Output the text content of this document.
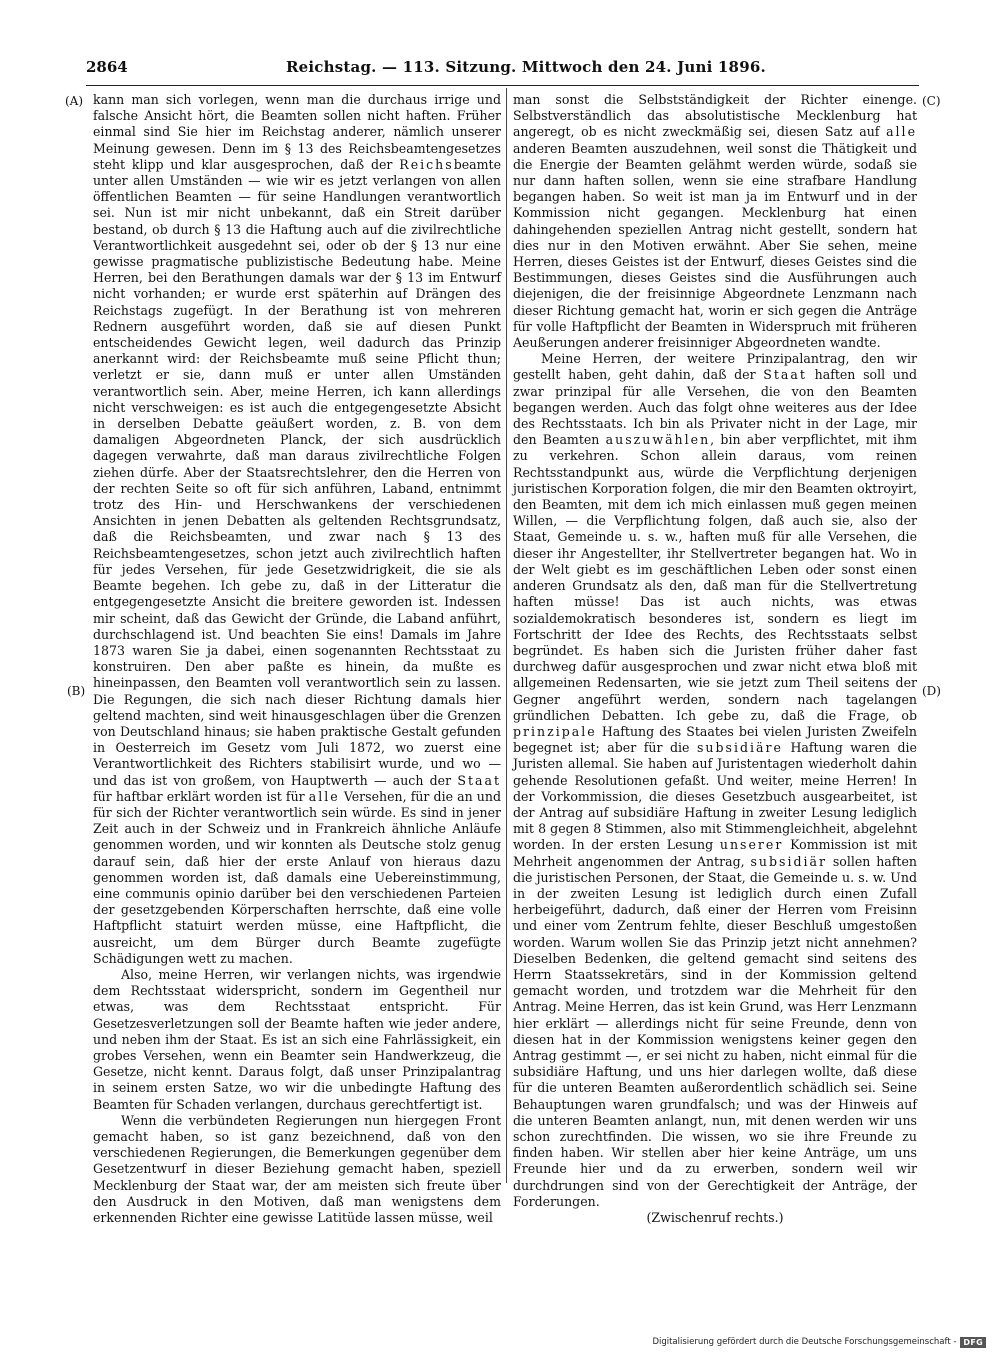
2864	Reichstag. — 113. Sitzung. Mittwoch den 24. Juni 1896.
(A)
(B)
(C)
(D)

kann man sich vorlegen, wenn man die durchaus irrige und falsche Ansicht hört, die Beamten sollen nicht haften. Früher einmal sind Sie hier im Reichstag anderer, nämlich unserer Meinung gewesen. Denn im § 13 des Reichsbeamtengesetzes steht klipp und klar ausgesprochen, daß der Reichsbeamte unter allen Umständen — wie wir es jetzt verlangen von allen öffentlichen Beamten — für seine Handlungen verantwortlich sei. Nun ist mir nicht unbekannt, daß ein Streit darüber bestand, ob durch § 13 die Haftung auch auf die zivilrechtliche Verantwortlichkeit ausgedehnt sei, oder ob der § 13 nur eine gewisse pragmatische publizistische Bedeutung habe. Meine Herren, bei den Berathungen damals war der § 13 im Entwurf nicht vorhanden; er wurde erst späterhin auf Drängen des Reichstags zugefügt. In der Berathung ist von mehreren Rednern ausgeführt worden, daß sie auf diesen Punkt entscheidendes Gewicht legen, weil dadurch das Prinzip anerkannt wird: der Reichsbeamte muß seine Pflicht thun; verletzt er sie, dann muß er unter allen Umständen verantwortlich sein. Aber, meine Herren, ich kann allerdings nicht verschweigen: es ist auch die entgegengesetzte Absicht in derselben Debatte geäußert worden, z. B. von dem damaligen Abgeordneten Planck, der sich ausdrücklich dagegen verwahrte, daß man daraus zivilrechtliche Folgen ziehen dürfe. Aber der Staatsrechtslehrer, den die Herren von der rechten Seite so oft für sich anführen, Laband, entnimmt trotz des Hin- und Herschwankens der verschiedenen Ansichten in jenen Debatten als geltenden Rechtsgrundsatz, daß die Reichsbeamten, und zwar nach § 13 des Reichsbeamtengesetzes, schon jetzt auch zivilrechtlich haften für jedes Versehen, für jede Gesetzwidrigkeit, die sie als Beamte begehen. Ich gebe zu, daß in der Litteratur die entgegengesetzte Ansicht die breitere geworden ist. Indessen mir scheint, daß das Gewicht der Gründe, die Laband anführt, durchschlagend ist. Und beachten Sie eins! Damals im Jahre 1873 waren Sie ja dabei, einen sogenannten Rechtsstaat zu konstruiren. Den aber paßte es hinein, da mußte es hineinpassen, den Beamten voll verantwortlich sein zu lassen. Die Regungen, die sich nach dieser Richtung damals hier geltend machten, sind weit hinausgeschlagen über die Grenzen von Deutschland hinaus; sie haben praktische Gestalt gefunden in Oesterreich im Gesetz vom Juli 1872, wo zuerst eine Verantwortlichkeit des Richters stabilisirt wurde, und wo — und das ist von großem, von Hauptwerth — auch der Staat für haftbar erklärt worden ist für alle Versehen, für die an und für sich der Richter verantwortlich sein würde. Es sind in jener Zeit auch in der Schweiz und in Frankreich ähnliche Anläufe genommen worden, und wir konnten als Deutsche stolz genug darauf sein, daß hier der erste Anlauf von hieraus dazu genommen worden ist, daß damals eine Uebereinstimmung, eine communis opinio darüber bei den verschiedenen Parteien der gesetzgebenden Körperschaften herrschte, daß eine volle Haftpflicht statuirt werden müsse, eine Haftpflicht, die ausreicht, um dem Bürger durch Beamte zugefügte Schädigungen wett zu machen.

Also, meine Herren, wir verlangen nichts, was irgendwie dem Rechtsstaat widerspricht, sondern im Gegentheil nur etwas, was dem Rechtsstaat entspricht. Für Gesetzesverletzungen soll der Beamte haften wie jeder andere, und neben ihm der Staat. Es ist an sich eine Fahrlässigkeit, ein grobes Versehen, wenn ein Beamter sein Handwerkzeug, die Gesetze, nicht kennt. Daraus folgt, daß unser Prinzipalantrag in seinem ersten Satze, wo wir die unbedingte Haftung des Beamten für Schaden verlangen, durchaus gerechtfertigt ist.

Wenn die verbündeten Regierungen nun hiergegen Front gemacht haben, so ist ganz bezeichnend, daß von den verschiedenen Regierungen, die Bemerkungen gegenüber dem Gesetzentwurf in dieser Beziehung gemacht haben, speziell Mecklenburg der Staat war, der am meisten sich freute über den Ausdruck in den Motiven, daß man wenigstens dem erkennenden Richter eine gewisse Latitüde lassen müsse, weil

man sonst die Selbstständigkeit der Richter einenge. Selbstverständlich das absolutistische Mecklenburg hat angeregt, ob es nicht zweckmäßig sei, diesen Satz auf alle anderen Beamten auszudehnen, weil sonst die Thätigkeit und die Energie der Beamten gelähmt werden würde, sodaß sie nur dann haften sollen, wenn sie eine strafbare Handlung begangen haben. So weit ist man ja im Entwurf und in der Kommission nicht gegangen. Mecklenburg hat einen dahingehenden speziellen Antrag nicht gestellt, sondern hat dies nur in den Motiven erwähnt. Aber Sie sehen, meine Herren, dieses Geistes ist der Entwurf, dieses Geistes sind die Bestimmungen, dieses Geistes sind die Ausführungen auch diejenigen, die der freisinnige Abgeordnete Lenzmann nach dieser Richtung gemacht hat, worin er sich gegen die Anträge für volle Haftpflicht der Beamten in Widerspruch mit früheren Aeußerungen anderer freisinniger Abgeordneten wandte.

Meine Herren, der weitere Prinzipalantrag, den wir gestellt haben, geht dahin, daß der Staat haften soll und zwar prinzipal für alle Versehen, die von den Beamten begangen werden. Auch das folgt ohne weiteres aus der Idee des Rechtsstaats. Ich bin als Privater nicht in der Lage, mir den Beamten auszuwählen, bin aber verpflichtet, mit ihm zu verkehren. Schon allein daraus, vom reinen Rechtsstandpunkt aus, würde die Verpflichtung derjenigen juristischen Korporation folgen, die mir den Beamten oktroyirt, den Beamten, mit dem ich mich einlassen muß gegen meinen Willen, — die Verpflichtung folgen, daß auch sie, also der Staat, Gemeinde u. s. w., haften muß für alle Versehen, die dieser ihr Angestellter, ihr Stellvertreter begangen hat. Wo in der Welt giebt es im geschäftlichen Leben oder sonst einen anderen Grundsatz als den, daß man für die Stellvertretung haften müsse! Das ist auch nichts, was etwas sozialdemokratisch besonderes ist, sondern es liegt im Fortschritt der Idee des Rechts, des Rechtsstaats selbst begründet. Es haben sich die Juristen früher daher fast durchweg dafür ausgesprochen und zwar nicht etwa bloß mit allgemeinen Redensarten, wie sie jetzt zum Theil seitens der Gegner angeführt werden, sondern nach tagelangen gründlichen Debatten. Ich gebe zu, daß die Frage, ob prinzipale Haftung des Staates bei vielen Juristen Zweifeln begegnet ist; aber für die subsidiäre Haftung waren die Juristen allemal. Sie haben auf Juristentagen wiederholt dahin gehende Resolutionen gefaßt. Und weiter, meine Herren! In der Vorkommission, die dieses Gesetzbuch ausgearbeitet, ist der Antrag auf subsidiäre Haftung in zweiter Lesung lediglich mit 8 gegen 8 Stimmen, also mit Stimmengleichheit, abgelehnt worden. In der ersten Lesung unserer Kommission ist mit Mehrheit angenommen der Antrag, subsidiär sollen haften die juristischen Personen, der Staat, die Gemeinde u. s. w. Und in der zweiten Lesung ist lediglich durch einen Zufall herbeigeführt, dadurch, daß einer der Herren vom Freisinn und einer vom Zentrum fehlte, dieser Beschluß umgestoßen worden. Warum wollen Sie das Prinzip jetzt nicht annehmen? Dieselben Bedenken, die geltend gemacht sind seitens des Herrn Staatssekretärs, sind in der Kommission geltend gemacht worden, und trotzdem war die Mehrheit für den Antrag. Meine Herren, das ist kein Grund, was Herr Lenzmann hier erklärt — allerdings nicht für seine Freunde, denn von diesen hat in der Kommission wenigstens keiner gegen den Antrag gestimmt —, er sei nicht zu haben, nicht einmal für die subsidiäre Haftung, und uns hier darlegen wollte, daß diese für die unteren Beamten außerordentlich schädlich sei. Seine Behauptungen waren grundfalsch; und was der Hinweis auf die unteren Beamten anlangt, nun, mit denen werden wir uns schon zurechtfinden. Die wissen, wo sie ihre Freunde zu finden haben. Wir stellen aber hier keine Anträge, um uns Freunde hier und da zu erwerben, sondern weil wir durchdrungen sind von der Gerechtigkeit der Anträge, der Forderungen.

(Zwischenruf rechts.)

Digitalisierung gefördert durch die Deutsche Forschungsgemeinschaft - DFG
